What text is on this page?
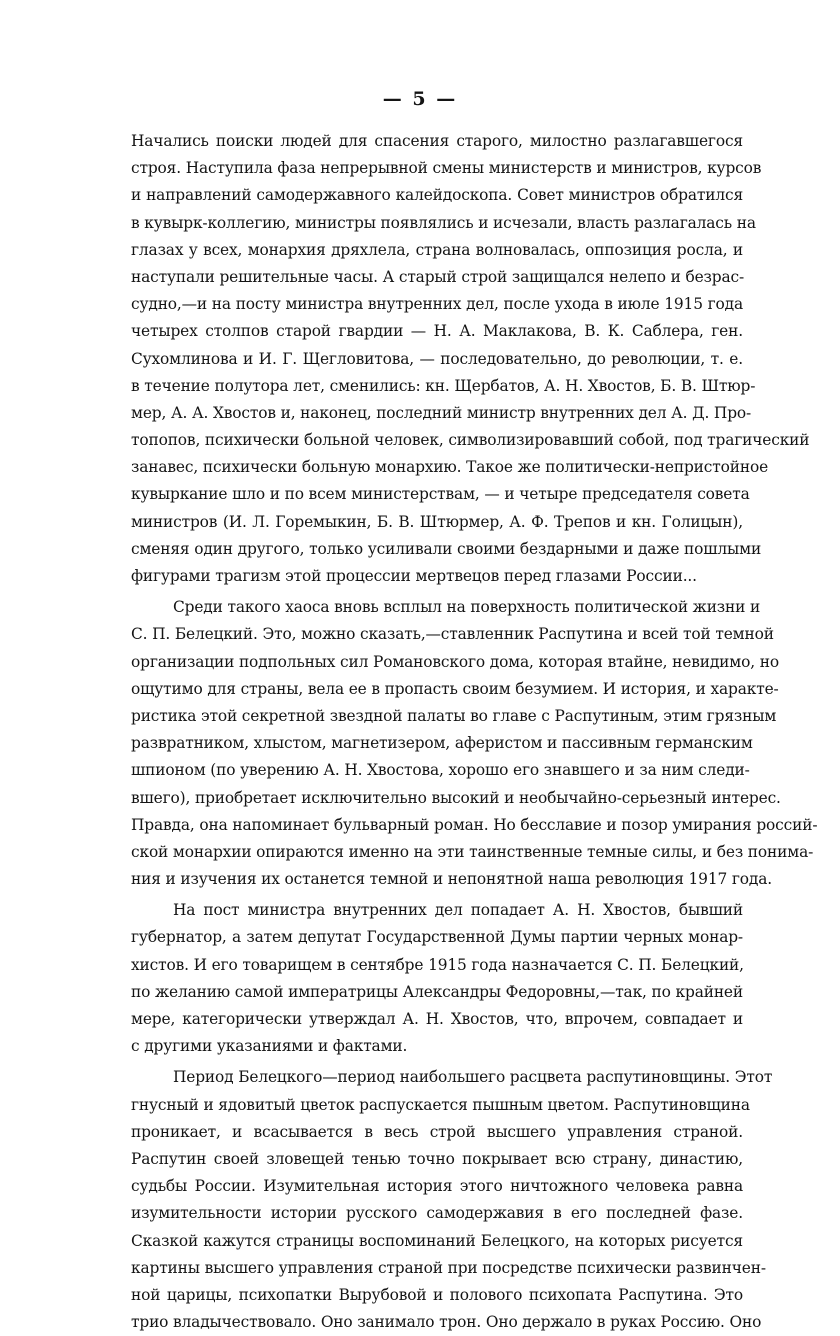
— 5 —
Начались поиски людей для спасения старого, милостно разлагавшегося
строя. Наступила фаза непрерывной смены министерств и министров, курсов
и направлений самодержавного калейдоскопа. Совет министров обратился
в кувырк-коллегию, министры появлялись и исчезали, власть разлагалась на
глазах у всех, монархия дряхлела, страна волновалась, оппозиция росла, и
наступали решительные часы. А старый строй защищался нелепо и безрас-
судно,—и на посту министра внутренних дел, после ухода в июле 1915 года
четырех столпов старой гвардии — Н. А. Маклакова, В. К. Саблера, ген.
Сухомлинова и И. Г. Щегловитова, — последовательно, до революции, т. е.
в течение полутора лет, сменились: кн. Щербатов, А. Н. Хвостов, Б. В. Штюр-
мер, А. А. Хвостов и, наконец, последний министр внутренних дел А. Д. Про-
топопов, психически больной человек, символизировавший собой, под трагический
занавес, психически больную монархию. Такое же политически-непристойное
кувыркание шло и по всем министерствам, — и четыре председателя совета
министров (И. Л. Горемыкин, Б. В. Штюрмер, А. Ф. Трепов и кн. Голицын),
сменяя один другого, только усиливали своими бездарными и даже пошлыми
фигурами трагизм этой процессии мертвецов перед глазами России...
Среди такого хаоса вновь всплыл на поверхность политической жизни и
С. П. Белецкий. Это, можно сказать,—ставленник Распутина и всей той темной
организации подпольных сил Романовского дома, которая втайне, невидимо, но
ощутимо для страны, вела ее в пропасть своим безумием. И история, и характе-
ристика этой секретной звездной палаты во главе с Распутиным, этим грязным
развратником, хлыстом, магнетизером, аферистом и пассивным германским
шпионом (по уверению А. Н. Хвостова, хорошо его знавшего и за ним следи-
вшего), приобретает исключительно высокий и необычайно-серьезный интерес.
Правда, она напоминает бульварный роман. Но бесславие и позор умирания россий-
ской монархии опираются именно на эти таинственные темные силы, и без понима-
ния и изучения их останется темной и непонятной наша революция 1917 года.
На пост министра внутренних дел попадает А. Н. Хвостов, бывший
губернатор, а затем депутат Государственной Думы партии черных монар-
хистов. И его товарищем в сентябре 1915 года назначается С. П. Белецкий,
по желанию самой императрицы Александры Федоровны,—так, по крайней
мере, категорически утверждал А. Н. Хвостов, что, впрочем, совпадает и
с другими указаниями и фактами.
Период Белецкого—период наибольшего расцвета распутиновщины. Этот
гнусный и ядовитый цветок распускается пышным цветом. Распутиновщина
проникает, и всасывается в весь строй высшего управления страной.
Распутин своей зловещей тенью точно покрывает всю страну, династию,
судьбы России. Изумительная история этого ничтожного человека равна
изумительности истории русского самодержавия в его последней фазе.
Сказкой кажутся страницы воспоминаний Белецкого, на которых рисуется
картины высшего управления страной при посредстве психически развинчен-
ной царицы, психопатки Вырубовой и полового психопата Распутина. Это
трио владычествовало. Оно занимало трон. Оно держало в руках Россию. Оно
